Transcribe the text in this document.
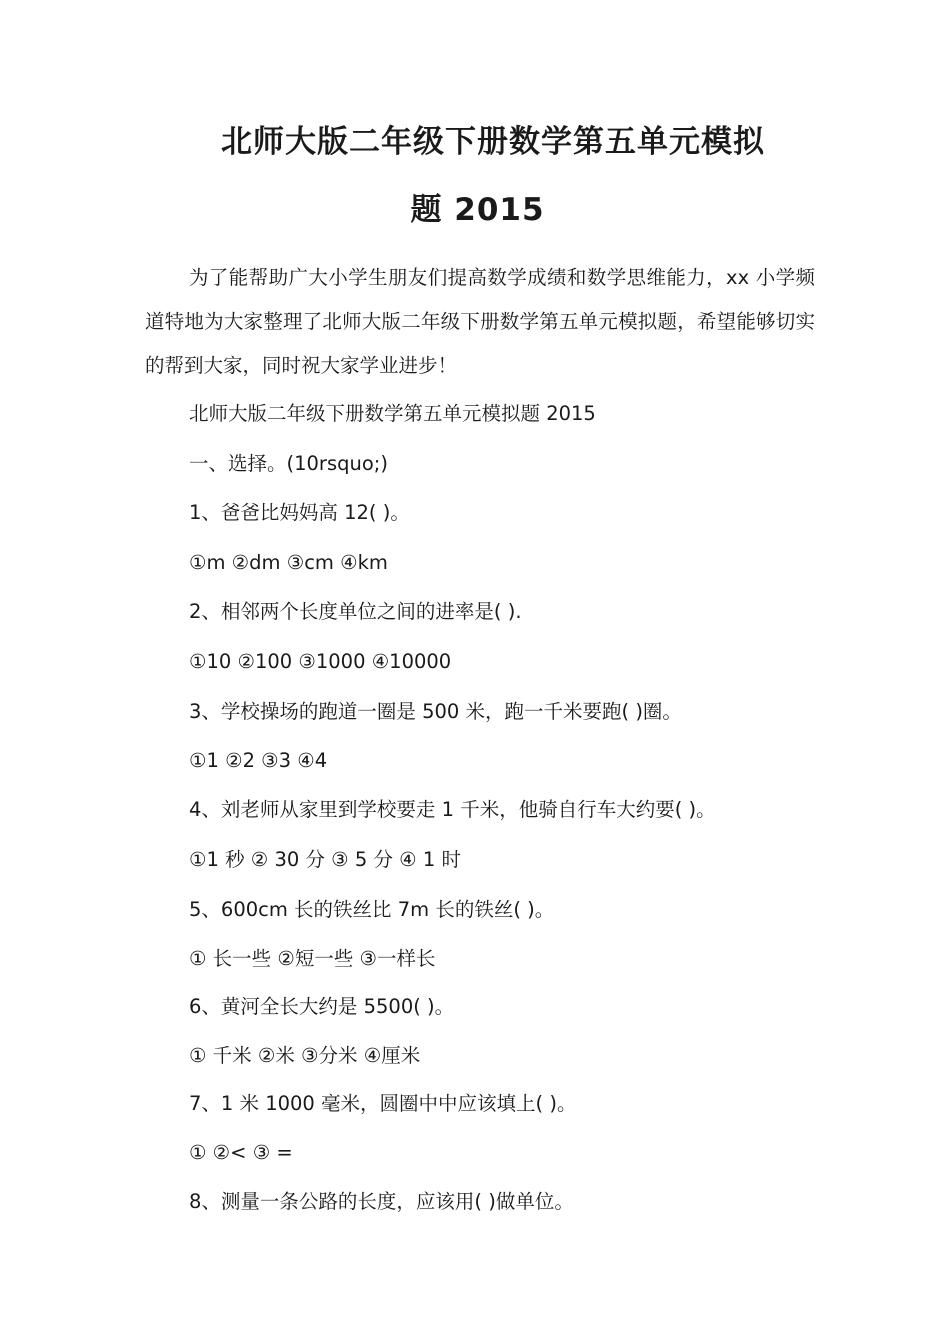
北师大版二年级下册数学第五单元模拟
题 2015

为了能帮助广大小学生朋友们提高数学成绩和数学思维能力，xx 小学频道特地为大家整理了北师大版二年级下册数学第五单元模拟题，希望能够切实的帮到大家，同时祝大家学业进步！

北师大版二年级下册数学第五单元模拟题 2015

一、选择。(10rsquo;)

1、爸爸比妈妈高 12( )。

①m ②dm ③cm ④km

2、相邻两个长度单位之间的进率是( ).

①10 ②100 ③1000 ④10000

3、学校操场的跑道一圈是 500 米，跑一千米要跑( )圈。

①1 ②2 ③3 ④4

4、刘老师从家里到学校要走 1 千米，他骑自行车大约要( )。

①1 秒 ② 30 分 ③ 5 分 ④ 1 时

5、600cm 长的铁丝比 7m 长的铁丝( )。

① 长一些 ②短一些 ③一样长

6、黄河全长大约是 5500( )。

① 千米 ②米 ③分米 ④厘米

7、1 米 1000 毫米，圆圈中中应该填上( )。

① ②< ③ =

8、测量一条公路的长度，应该用( )做单位。
